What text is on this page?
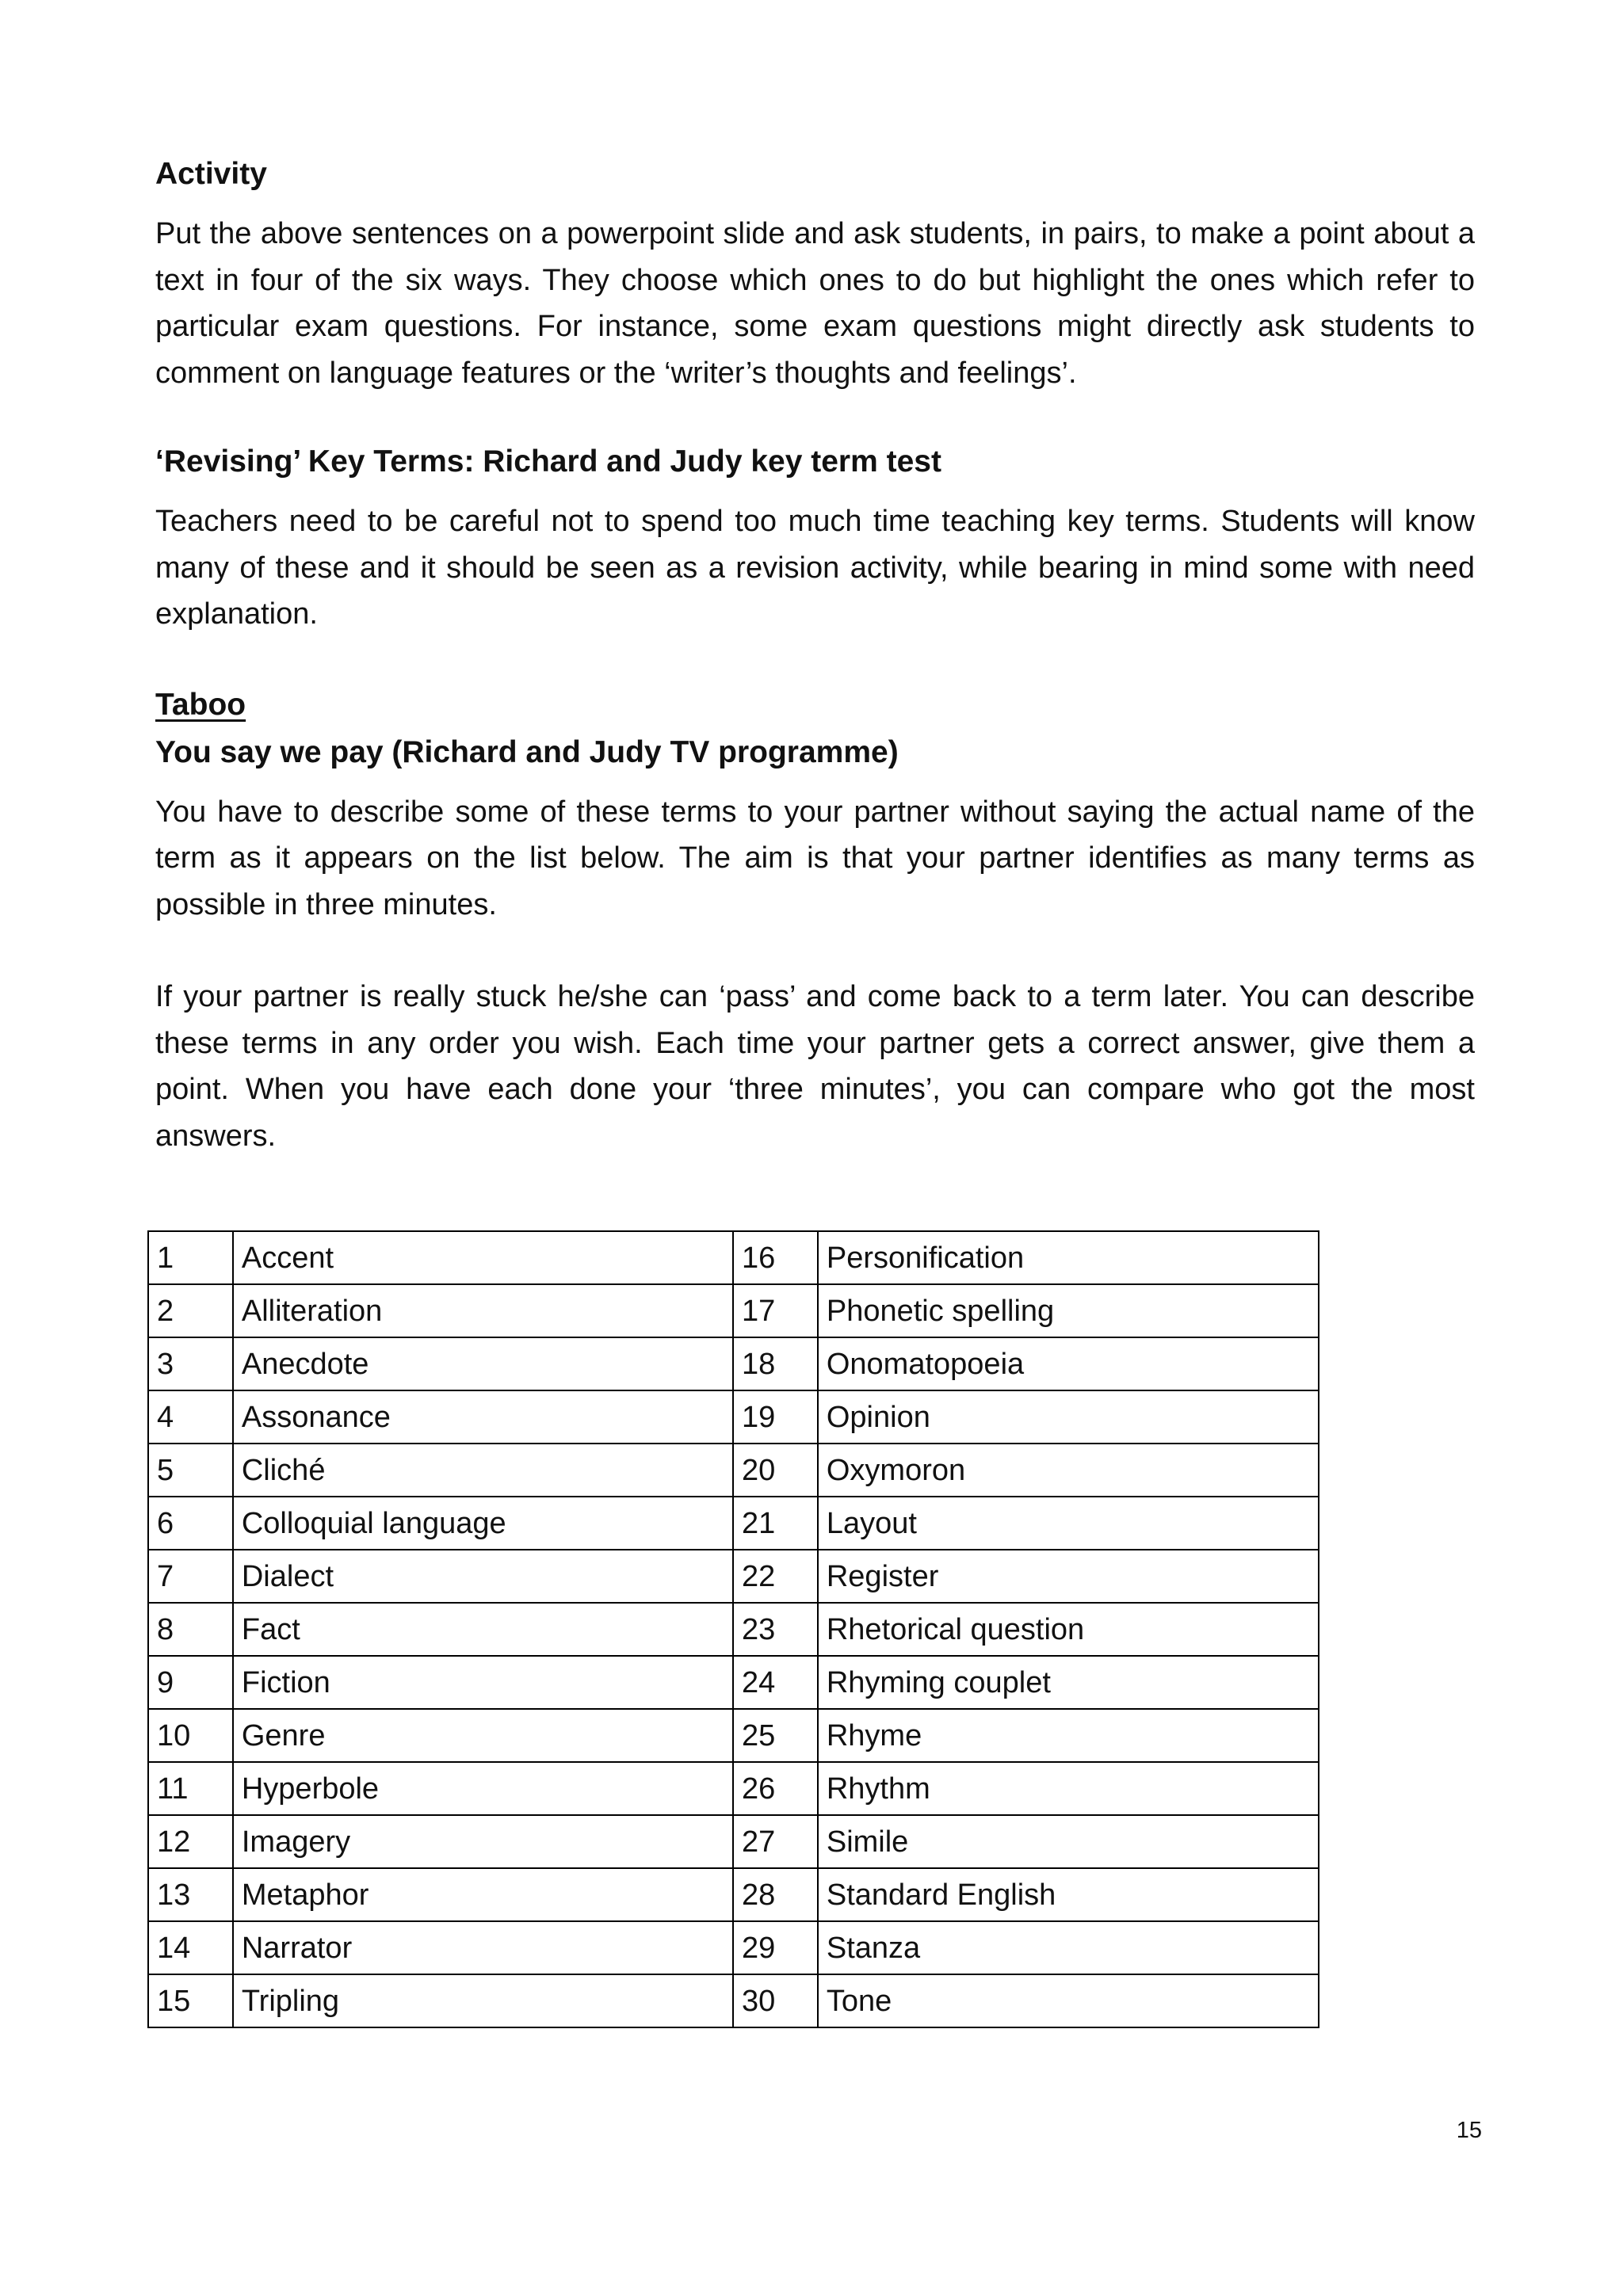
Activity

Put the above sentences on a powerpoint slide and ask students, in pairs, to make a point about a text in four of the six ways. They choose which ones to do but highlight the ones which refer to particular exam questions. For instance, some exam questions might directly ask students to comment on language features or the ‘writer’s thoughts and feelings’.

‘Revising’ Key Terms: Richard and Judy key term test

Teachers need to be careful not to spend too much time teaching key terms. Students will know many of these and it should be seen as a revision activity, while bearing in mind some with need explanation.

Taboo
You say we pay (Richard and Judy TV programme)

You have to describe some of these terms to your partner without saying the actual name of the term as it appears on the list below. The aim is that your partner identifies as many terms as possible in three minutes.

If your partner is really stuck he/she can ‘pass’ and come back to a term later. You can describe these terms in any order you wish. Each time your partner gets a correct answer, give them a point. When you have each done your ‘three minutes’, you can compare who got the most answers.

1	Accent	16	Personification
2	Alliteration	17	Phonetic spelling
3	Anecdote	18	Onomatopoeia
4	Assonance	19	Opinion
5	Cliché	20	Oxymoron
6	Colloquial language	21	Layout
7	Dialect	22	Register
8	Fact	23	Rhetorical question
9	Fiction	24	Rhyming couplet
10	Genre	25	Rhyme
11	Hyperbole	26	Rhythm
12	Imagery	27	Simile
13	Metaphor	28	Standard English
14	Narrator	29	Stanza
15	Tripling	30	Tone
15
